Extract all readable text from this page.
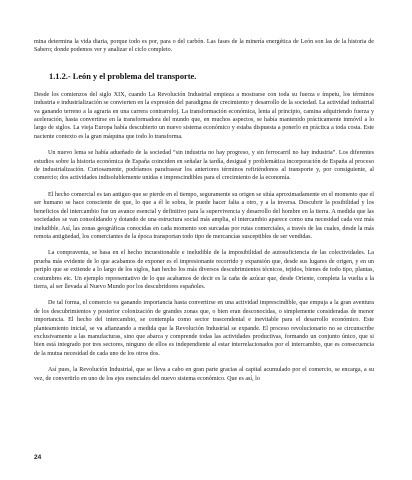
mina determina la vida diaria, porque todo es por, para o del carbón. Las fases de la minería energética de León son las de la historia de Sabero; donde podemos ver y analizar el ciclo completo.

1.1.2.- León y el problema del transporte.

Desde los comienzos del siglo XIX, cuando La Revolución Industrial empieza a mostrarse con toda su fuerza e ímpetu, los términos industria e industrialización se convierten en la expresión del paradigma de crecimiento y desarrollo de la sociedad. La actividad industrial va ganando terreno a la agraria en una carrera contrarreloj. La transformación económica, lenta al principio, camina adquiriendo fuerza y aceleración, hasta convertirse en la transformadora del mundo que, en muchos aspectos, se había mantenido prácticamente inmóvil a lo largo de siglos. La vieja Europa había descubierto un nuevo sistema económico y estaba dispuesta a ponerlo en práctica a toda costa. Este naciente contexto es la gran máquina que todo lo transforma.

Un nuevo lema se había adueñado de la sociedad “sin industria no hay progreso, y sin ferrocarril no hay industria”. Los diferentes estudios sobre la historia económica de España coinciden en señalar la tardía, desigual y problemática incorporación de España al proceso de industrialización. Curiosamente, podríamos parafrasear los anteriores términos refiriéndonos al transporte y, por consiguiente, al comercio; dos actividades indisolublemente unidas e imprescindibles para el crecimiento de la economía.

El hecho comercial es tan antiguo que se pierde en el tiempo, seguramente su origen se sitúa aproximadamente en el momento que el ser humano se hace consciente de que, lo que a él le sobra, le puede hacer falta a otro, y a la inversa. Descubrir la posibilidad y los beneficios del intercambio fue un avance esencial y definitivo para la supervivencia y desarrollo del hombre en la tierra. A medida que las sociedades se van consolidando y dotando de una estructura social más amplia, el intercambio aparece como una necesidad cada vez más ineludible. Así, las zonas geográficas conocidas en cada momento son surcadas por rutas comerciales, a través de las cuales, desde la más remota antigüedad, los comerciantes de la época transportan todo tipo de mercancías susceptibles de ser vendidas.

La compraventa, se basa en el hecho incuestionable e ineludible de la imposibilidad de autosuficiencia de las colectividades. La prueba más evidente de lo que acabamos de exponer es el impresionante recorrido y expansión que, desde sus lugares de origen, y en un periplo que se extiende a lo largo de los siglos, han hecho los más diversos descubrimientos técnicos, tejidos, bienes de todo tipo, plantas, costumbres etc. Un ejemplo representativo de lo que acabamos de decir es la caña de azúcar que, desde Oriente, completa la vuelta a la tierra, al ser llevada al Nuevo Mundo por los descubridores españoles.

De tal forma, el comercio va ganando importancia hasta convertirse en una actividad imprescindible, que empuja a la gran aventura de los descubrimientos y posterior colonización de grandes zonas que, o bien eran desconocidas, o simplemente consideradas de menor importancia. El hecho del intercambio, se contempla como sector trascendental e inevitable para el desarrollo económico. Este planteamiento inicial, se va afianzando a medida que la Revolución Industrial se expande. El proceso revolucionario no se circunscribe exclusivamente a las manufacturas, sino que abarca y comprende todas las actividades productivas, formando un conjunto único, que si bien está integrado por tres sectores, ninguno de ellos es independiente al estar interrelacionados por el intercambio, que es consecuencia de la mutua necesidad de cada uno de los otros dos.

Así pues, la Revolución Industrial, que se lleva a cabo en gran parte gracias al capital acumulado por el comercio, se encarga, a su vez, de convertirlo en uno de los ejes esenciales del nuevo sistema económico. Que es así, lo

24
